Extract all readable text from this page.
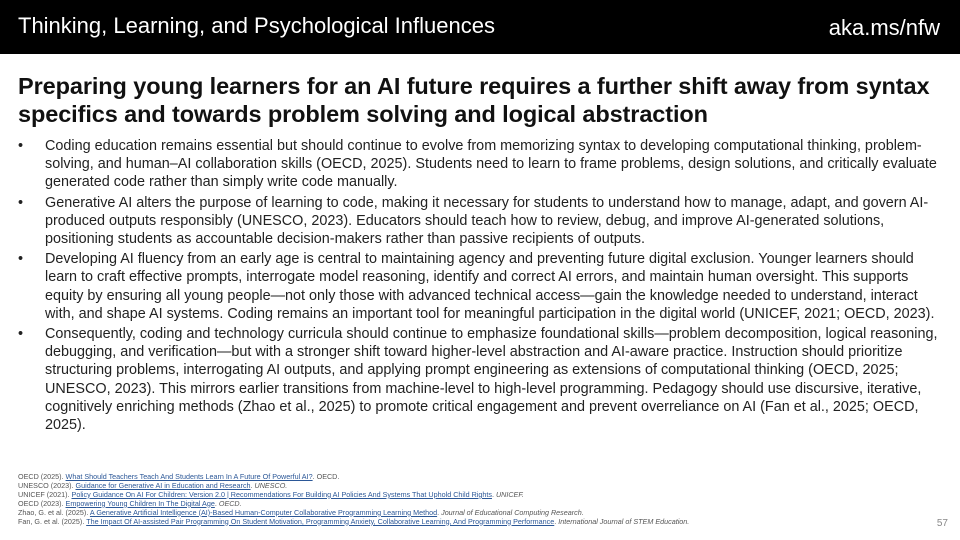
Thinking, Learning, and Psychological Influences	aka.ms/nfw
Preparing young learners for an AI future requires a further shift away from syntax specifics and towards problem solving and logical abstraction
•	Coding education remains essential but should continue to evolve from memorizing syntax to developing computational thinking, problem-solving, and human–AI collaboration skills (OECD, 2025). Students need to learn to frame problems, design solutions, and critically evaluate generated code rather than simply write code manually.
•	Generative AI alters the purpose of learning to code, making it necessary for students to understand how to manage, adapt, and govern AI-produced outputs responsibly (UNESCO, 2023). Educators should teach how to review, debug, and improve AI-generated solutions, positioning students as accountable decision-makers rather than passive recipients of outputs.
•	Developing AI fluency from an early age is central to maintaining agency and preventing future digital exclusion. Younger learners should learn to craft effective prompts, interrogate model reasoning, identify and correct AI errors, and maintain human oversight. This supports equity by ensuring all young people—not only those with advanced technical access—gain the knowledge needed to understand, interact with, and shape AI systems. Coding remains an important tool for meaningful participation in the digital world (UNICEF, 2021; OECD, 2023).
•	Consequently, coding and technology curricula should continue to emphasize foundational skills—problem decomposition, logical reasoning, debugging, and verification—but with a stronger shift toward higher-level abstraction and AI-aware practice. Instruction should prioritize structuring problems, interrogating AI outputs, and applying prompt engineering as extensions of computational thinking (OECD, 2025; UNESCO, 2023). This mirrors earlier transitions from machine-level to high-level programming. Pedagogy should use discursive, iterative, cognitively enriching methods (Zhao et al., 2025) to promote critical engagement and prevent overreliance on AI (Fan et al., 2025; OECD, 2025).
OECD (2025). What Should Teachers Teach And Students Learn In A Future Of Powerful AI?. OECD.
UNESCO (2023). Guidance for Generative AI in Education and Research. UNESCO.
UNICEF (2021). Policy Guidance On AI For Children: Version 2.0 | Recommendations For Building AI Policies And Systems That Uphold Child Rights. UNICEF.
OECD (2023). Empowering Young Children In The Digital Age. OECD.
Zhao, G. et al. (2025). A Generative Artificial Intelligence (AI)-Based Human-Computer Collaborative Programming Learning Method. Journal of Educational Computing Research.
Fan, G. et al. (2025). The Impact Of AI-assisted Pair Programming On Student Motivation, Programming Anxiety, Collaborative Learning, And Programming Performance. International Journal of STEM Education.	57
